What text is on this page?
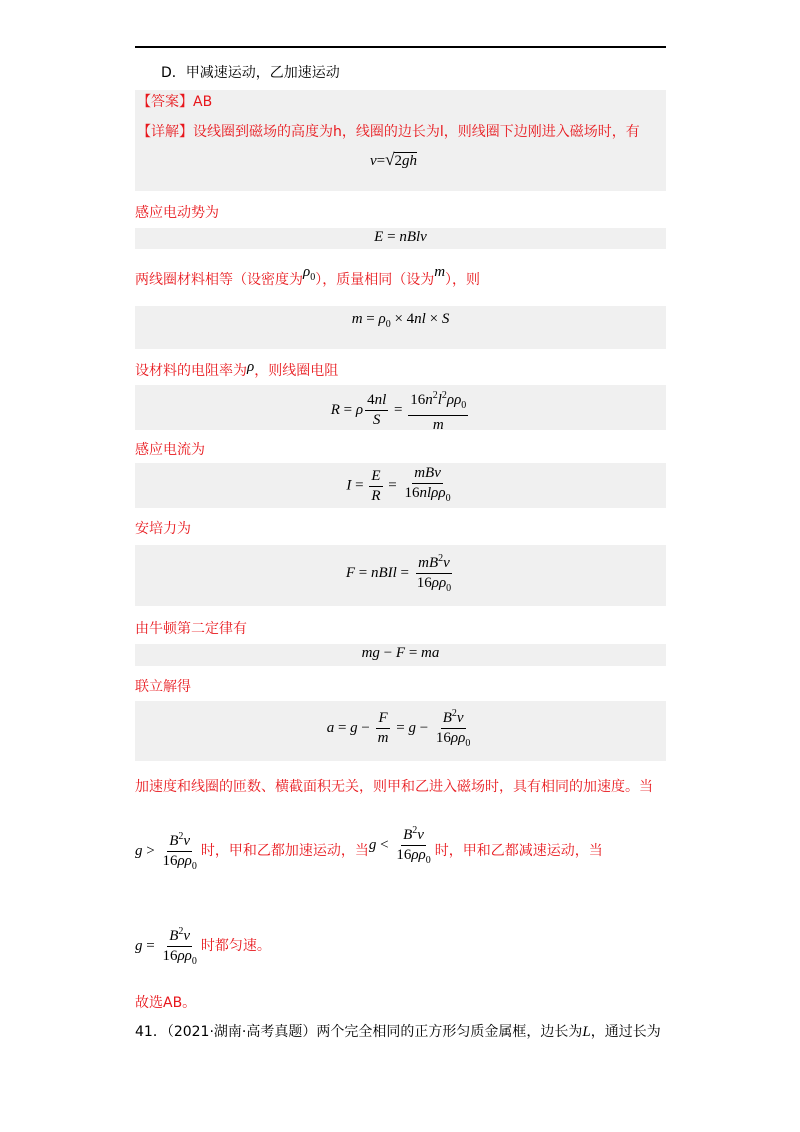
D．甲减速运动，乙加速运动
【答案】AB
【详解】设线圈到磁场的高度为h，线圈的边长为l，则线圈下边刚进入磁场时，有
v=√2gh
感应电动势为
E = nBlv
两线圈材料相等（设密度为$\rho_0$），质量相同（设为m），则
$m = \rho_0 \times 4nl \times S$
设材料的电阻率为ρ，则线圈电阻
R = ρ $\frac{4nl}{S} = \frac{16n^2l^2\rho\rho_0}{m}$
感应电流为
$I = \frac{E}{R} = \frac{\text{mBv}}{16nl\rho\rho_0}$
安培力为
F = nBIl = $\frac{mB^2v}{16\rho\rho_0}$
由牛顿第二定律有
mg − F = ma
联立解得
$a = g - \frac{F}{m} = g - \frac{B^2v}{16\rho\rho_0}$
加速度和线圈的匝数、横截面积无关，则甲和乙进入磁场时，具有相同的加速度。当
$g > \frac{B^2v}{16\rho\rho_0}$ 时，甲和乙都加速运动，当$g < \frac{B^2v}{16\rho\rho_0}$ 时，甲和乙都减速运动，当
$g = \frac{B^2v}{16\rho\rho_0}$ 时都匀速。
故选AB。
41．（2021·湖南·高考真题）两个完全相同的正方形匀质金属框，边长为L，通过长为
